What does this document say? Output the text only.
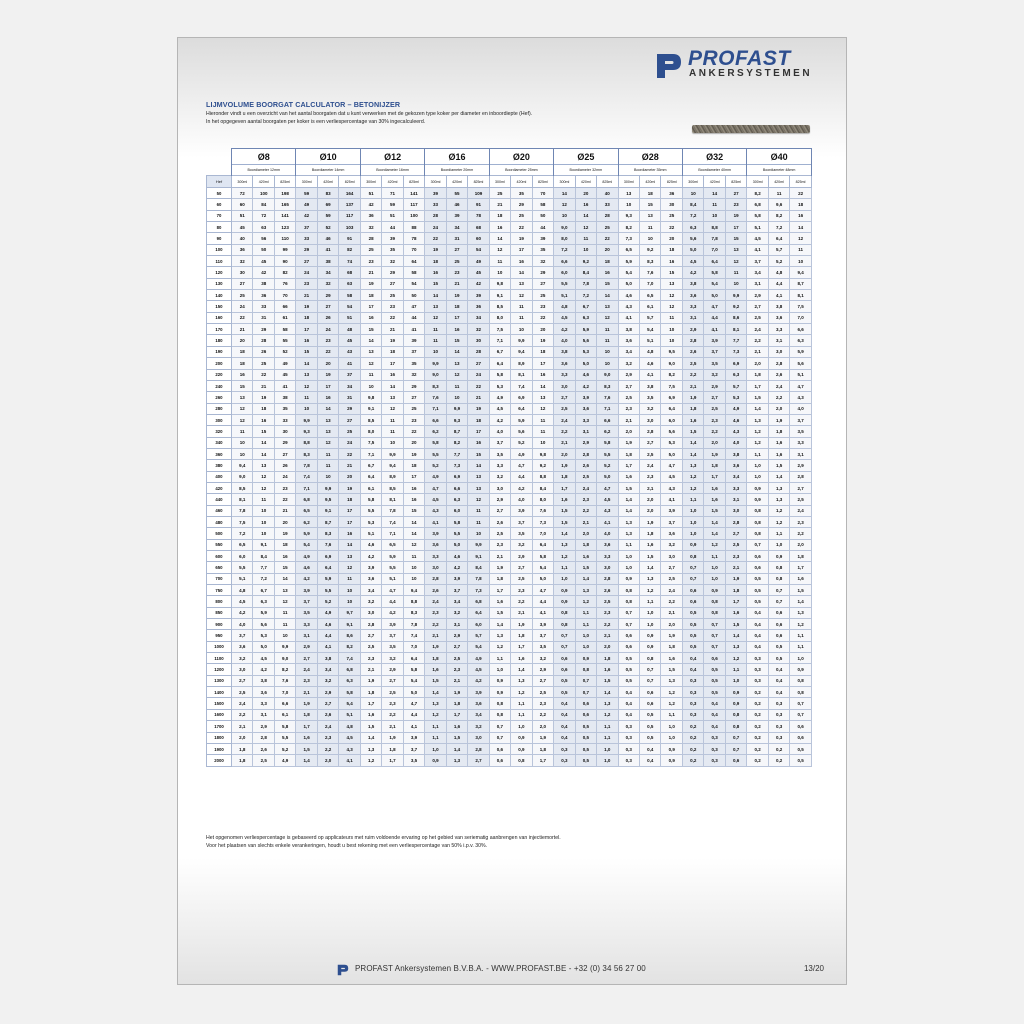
PROFAST
ANKERSYSTEMEN
LIJMVOLUME BOORGAT CALCULATOR – BETONIJZER
Hieronder vindt u een overzicht van het aantal boorgaten dat u kunt verwerken met de gekozen type koker per diameter en inboordiepte (Hef).
In het opgegeven aantal boorgaten per koker is een verliespercentage van 30% ingecalculeerd.
	Ø8			Ø10			Ø12			Ø16			Ø20			Ø25			Ø28			Ø32			Ø40		
	Boordiameter 12mm			Boordiameter 14mm			Boordiameter 16mm			Boordiameter 20mm			Boordiameter 25mm			Boordiameter 32mm			Boordiameter 35mm			Boordiameter 40mm			Boordiameter 48mm		
Hef	300ml	420ml	825ml	300ml	420ml	825ml	300ml	420ml	825ml	300ml	420ml	825ml	300ml	420ml	825ml	300ml	420ml	825ml	300ml	420ml	825ml	300ml	420ml	825ml	300ml	420ml	825ml
50	72	100	198	59	83	164	51	71	141	39	55	109	25	35	70	14	20	40	13	18	36	10	14	27	8,2	11	22
60	60	84	165	49	69	137	42	59	117	33	46	91	21	29	58	12	16	33	10	15	30	8,4	11	23	6,8	9,6	18
70	51	72	141	42	59	117	36	51	100	28	39	78	18	25	50	10	14	28	9,3	13	25	7,2	10	19	5,8	8,2	16
80	45	63	123	37	52	103	32	44	88	24	34	68	16	22	44	9,0	12	25	8,2	11	22	6,3	8,8	17	5,1	7,2	14
90	40	56	110	33	46	91	28	39	78	22	31	60	14	19	39	8,0	11	22	7,3	10	20	5,6	7,8	15	4,5	6,4	12
100	36	50	99	29	41	82	25	35	70	19	27	54	12	17	35	7,2	10	20	6,5	9,2	18	5,0	7,0	13	4,1	5,7	11
110	32	45	90	27	38	74	23	32	64	18	25	49	11	16	32	6,6	9,2	18	5,9	8,3	16	4,5	6,4	12	3,7	5,2	10
120	30	42	82	24	34	68	21	29	58	16	23	45	10	14	29	6,0	8,4	16	5,4	7,6	15	4,2	5,8	11	3,4	4,8	9,4
130	27	38	76	23	32	63	19	27	54	15	21	42	9,8	13	27	5,5	7,8	15	5,0	7,0	13	3,8	5,4	10	3,1	4,4	8,7
140	25	36	70	21	29	58	18	25	50	14	19	39	9,1	12	25	5,1	7,2	14	4,6	6,5	12	3,6	5,0	9,9	2,9	4,1	8,1
150	24	33	66	19	27	54	17	23	47	13	18	36	8,5	11	23	4,8	6,7	13	4,3	6,1	12	3,3	4,7	9,2	2,7	3,8	7,5
160	22	31	61	18	26	51	16	22	44	12	17	34	8,0	11	22	4,5	6,3	12	4,1	5,7	11	3,1	4,4	8,6	2,5	3,6	7,0
170	21	29	58	17	24	48	15	21	41	11	16	32	7,5	10	20	4,2	5,9	11	3,8	5,4	10	2,9	4,1	8,1	2,4	3,3	6,6
180	20	28	55	16	23	45	14	19	39	11	15	30	7,1	9,9	19	4,0	5,6	11	3,6	5,1	10	2,8	3,9	7,7	2,2	3,1	6,3
190	18	26	52	15	22	43	13	18	37	10	14	28	6,7	9,4	18	3,8	5,3	10	3,4	4,8	9,5	2,6	3,7	7,3	2,1	3,0	5,9
200	18	25	49	14	20	41	12	17	35	9,9	13	27	6,4	8,9	17	3,6	5,0	10	3,2	4,6	9,0	2,5	3,5	6,9	2,0	2,8	5,6
220	16	22	45	13	19	37	11	16	32	9,0	12	24	5,8	8,1	16	3,3	4,6	9,0	2,9	4,1	8,2	2,2	3,2	6,3	1,8	2,6	5,1
240	15	21	41	12	17	34	10	14	29	8,3	11	22	5,3	7,4	14	3,0	4,2	8,3	2,7	3,8	7,5	2,1	2,9	5,7	1,7	2,4	4,7
260	13	19	38	11	16	31	9,8	13	27	7,6	10	21	4,9	6,9	13	2,7	3,9	7,6	2,5	3,5	6,9	1,9	2,7	5,3	1,5	2,2	4,3
280	12	18	35	10	14	29	9,1	12	25	7,1	9,9	19	4,5	6,4	12	2,5	3,6	7,1	2,3	3,2	6,4	1,8	2,5	4,9	1,4	2,0	4,0
300	12	16	33	9,9	13	27	8,5	11	23	6,6	9,3	18	4,2	5,9	11	2,4	3,3	6,6	2,1	3,0	6,0	1,6	2,3	4,6	1,3	1,9	3,7
320	11	15	30	9,3	13	25	8,0	11	22	6,2	8,7	17	4,0	5,6	11	2,2	3,1	6,2	2,0	2,8	5,6	1,5	2,2	4,3	1,2	1,8	3,5
340	10	14	29	8,8	12	24	7,5	10	20	5,8	8,2	16	3,7	5,2	10	2,1	2,9	5,8	1,9	2,7	5,3	1,4	2,0	4,0	1,2	1,6	3,3
360	10	14	27	8,3	11	22	7,1	9,9	19	5,5	7,7	15	3,5	4,9	9,8	2,0	2,8	5,5	1,8	2,5	5,0	1,4	1,9	3,8	1,1	1,6	3,1
380	9,4	13	26	7,8	11	21	6,7	9,4	18	5,2	7,3	14	3,3	4,7	9,2	1,9	2,6	5,2	1,7	2,4	4,7	1,3	1,8	3,6	1,0	1,5	2,9
400	9,0	12	24	7,4	10	20	6,4	8,9	17	4,9	6,9	13	3,2	4,4	8,8	1,8	2,5	5,0	1,6	2,3	4,5	1,2	1,7	3,4	1,0	1,4	2,8
420	8,5	12	23	7,1	9,9	19	6,1	8,5	16	4,7	6,6	13	3,0	4,2	8,4	1,7	2,4	4,7	1,5	2,1	4,3	1,2	1,6	3,3	0,9	1,3	2,7
440	8,1	11	22	6,8	9,5	18	5,8	8,1	16	4,5	6,3	12	2,9	4,0	8,0	1,6	2,3	4,5	1,4	2,0	4,1	1,1	1,6	3,1	0,9	1,3	2,5
460	7,8	10	21	6,5	9,1	17	5,5	7,8	15	4,3	6,0	11	2,7	3,9	7,6	1,5	2,2	4,3	1,4	2,0	3,9	1,0	1,5	3,0	0,8	1,2	2,4
480	7,5	10	20	6,2	8,7	17	5,3	7,4	14	4,1	5,8	11	2,6	3,7	7,3	1,5	2,1	4,1	1,3	1,9	3,7	1,0	1,4	2,8	0,8	1,2	2,3
500	7,2	10	19	5,9	8,3	16	5,1	7,1	14	3,9	5,5	10	2,5	3,5	7,0	1,4	2,0	4,0	1,3	1,8	3,6	1,0	1,4	2,7	0,8	1,1	2,2
550	6,5	9,1	18	5,4	7,6	14	4,6	6,5	12	3,6	5,0	9,9	2,3	3,2	6,4	1,3	1,8	3,6	1,1	1,6	3,2	0,9	1,2	2,5	0,7	1,0	2,0
600	6,0	8,4	16	4,9	6,9	13	4,2	5,9	11	3,3	4,6	9,1	2,1	2,9	5,8	1,2	1,6	3,3	1,0	1,5	3,0	0,8	1,1	2,3	0,6	0,9	1,8
650	5,5	7,7	15	4,6	6,4	12	3,9	5,5	10	3,0	4,2	8,4	1,9	2,7	5,4	1,1	1,5	3,0	1,0	1,4	2,7	0,7	1,0	2,1	0,6	0,8	1,7
700	5,1	7,2	14	4,2	5,9	11	3,6	5,1	10	2,8	3,9	7,8	1,8	2,5	5,0	1,0	1,4	2,8	0,9	1,3	2,5	0,7	1,0	1,9	0,5	0,8	1,6
750	4,8	6,7	13	3,9	5,5	10	3,4	4,7	9,4	2,6	3,7	7,3	1,7	2,3	4,7	0,9	1,3	2,6	0,8	1,2	2,4	0,6	0,9	1,8	0,5	0,7	1,5
800	4,5	6,3	12	3,7	5,2	10	3,2	4,4	8,8	2,4	3,4	6,8	1,6	2,2	4,4	0,9	1,2	2,5	0,8	1,1	2,2	0,6	0,8	1,7	0,5	0,7	1,4
850	4,2	5,9	11	3,5	4,9	9,7	3,0	4,2	8,3	2,3	3,2	6,4	1,5	2,1	4,1	0,8	1,1	2,3	0,7	1,0	2,1	0,5	0,8	1,6	0,4	0,6	1,3
900	4,0	5,6	11	3,3	4,6	9,1	2,8	3,9	7,8	2,2	3,1	6,0	1,4	1,9	3,9	0,8	1,1	2,2	0,7	1,0	2,0	0,5	0,7	1,5	0,4	0,6	1,2
950	3,7	5,3	10	3,1	4,4	8,6	2,7	3,7	7,4	2,1	2,9	5,7	1,3	1,8	3,7	0,7	1,0	2,1	0,6	0,9	1,9	0,5	0,7	1,4	0,4	0,6	1,1
1000	3,6	5,0	9,9	2,9	4,1	8,2	2,5	3,5	7,0	1,9	2,7	5,4	1,2	1,7	3,5	0,7	1,0	2,0	0,6	0,9	1,8	0,5	0,7	1,3	0,4	0,5	1,1
1100	3,2	4,5	9,0	2,7	3,8	7,4	2,3	3,2	6,4	1,8	2,5	4,9	1,1	1,6	3,2	0,6	0,9	1,8	0,5	0,8	1,6	0,4	0,6	1,2	0,3	0,5	1,0
1200	3,0	4,2	8,2	2,4	3,4	6,8	2,1	2,9	5,8	1,6	2,3	4,5	1,0	1,4	2,9	0,6	0,8	1,6	0,5	0,7	1,5	0,4	0,5	1,1	0,3	0,4	0,9
1300	2,7	3,8	7,6	2,3	3,2	6,3	1,9	2,7	5,4	1,5	2,1	4,2	0,9	1,3	2,7	0,5	0,7	1,5	0,5	0,7	1,3	0,3	0,5	1,0	0,3	0,4	0,8
1400	2,5	3,6	7,0	2,1	2,9	5,8	1,8	2,5	5,0	1,4	1,9	3,9	0,9	1,2	2,5	0,5	0,7	1,4	0,4	0,6	1,2	0,3	0,5	0,9	0,2	0,4	0,8
1500	2,4	3,3	6,6	1,9	2,7	5,4	1,7	2,3	4,7	1,3	1,8	3,6	0,8	1,1	2,3	0,4	0,6	1,3	0,4	0,6	1,2	0,3	0,4	0,9	0,2	0,3	0,7
1600	2,2	3,1	6,1	1,8	2,6	5,1	1,6	2,2	4,4	1,2	1,7	3,4	0,8	1,1	2,2	0,4	0,6	1,2	0,4	0,5	1,1	0,3	0,4	0,8	0,2	0,3	0,7
1700	2,1	2,9	5,8	1,7	2,4	4,8	1,5	2,1	4,1	1,1	1,6	3,2	0,7	1,0	2,0	0,4	0,5	1,1	0,3	0,5	1,0	0,2	0,4	0,8	0,2	0,3	0,6
1800	2,0	2,8	5,5	1,6	2,3	4,5	1,4	1,9	3,9	1,1	1,5	3,0	0,7	0,9	1,9	0,4	0,5	1,1	0,3	0,5	1,0	0,2	0,3	0,7	0,2	0,3	0,6
1900	1,8	2,6	5,2	1,5	2,2	4,3	1,3	1,8	3,7	1,0	1,4	2,8	0,6	0,9	1,8	0,3	0,5	1,0	0,3	0,4	0,9	0,2	0,3	0,7	0,2	0,2	0,5
2000	1,8	2,5	4,9	1,4	2,0	4,1	1,2	1,7	3,5	0,9	1,3	2,7	0,6	0,8	1,7	0,3	0,5	1,0	0,3	0,4	0,9	0,2	0,3	0,6	0,2	0,2	0,5
Het opgenomen verliespercentage is gebaseerd op applicateurs met ruim voldoende ervaring op het gebied van seriematig aanbrengen van injectiemortel.
Voor het plaatsen van slechts enkele verankeringen, houdt u best rekening met een verliespercentage van 50% i.p.v. 30%.
PROFAST Ankersystemen B.V.B.A. - WWW.PROFAST.BE - +32 (0) 34 56 27 00	13/20
